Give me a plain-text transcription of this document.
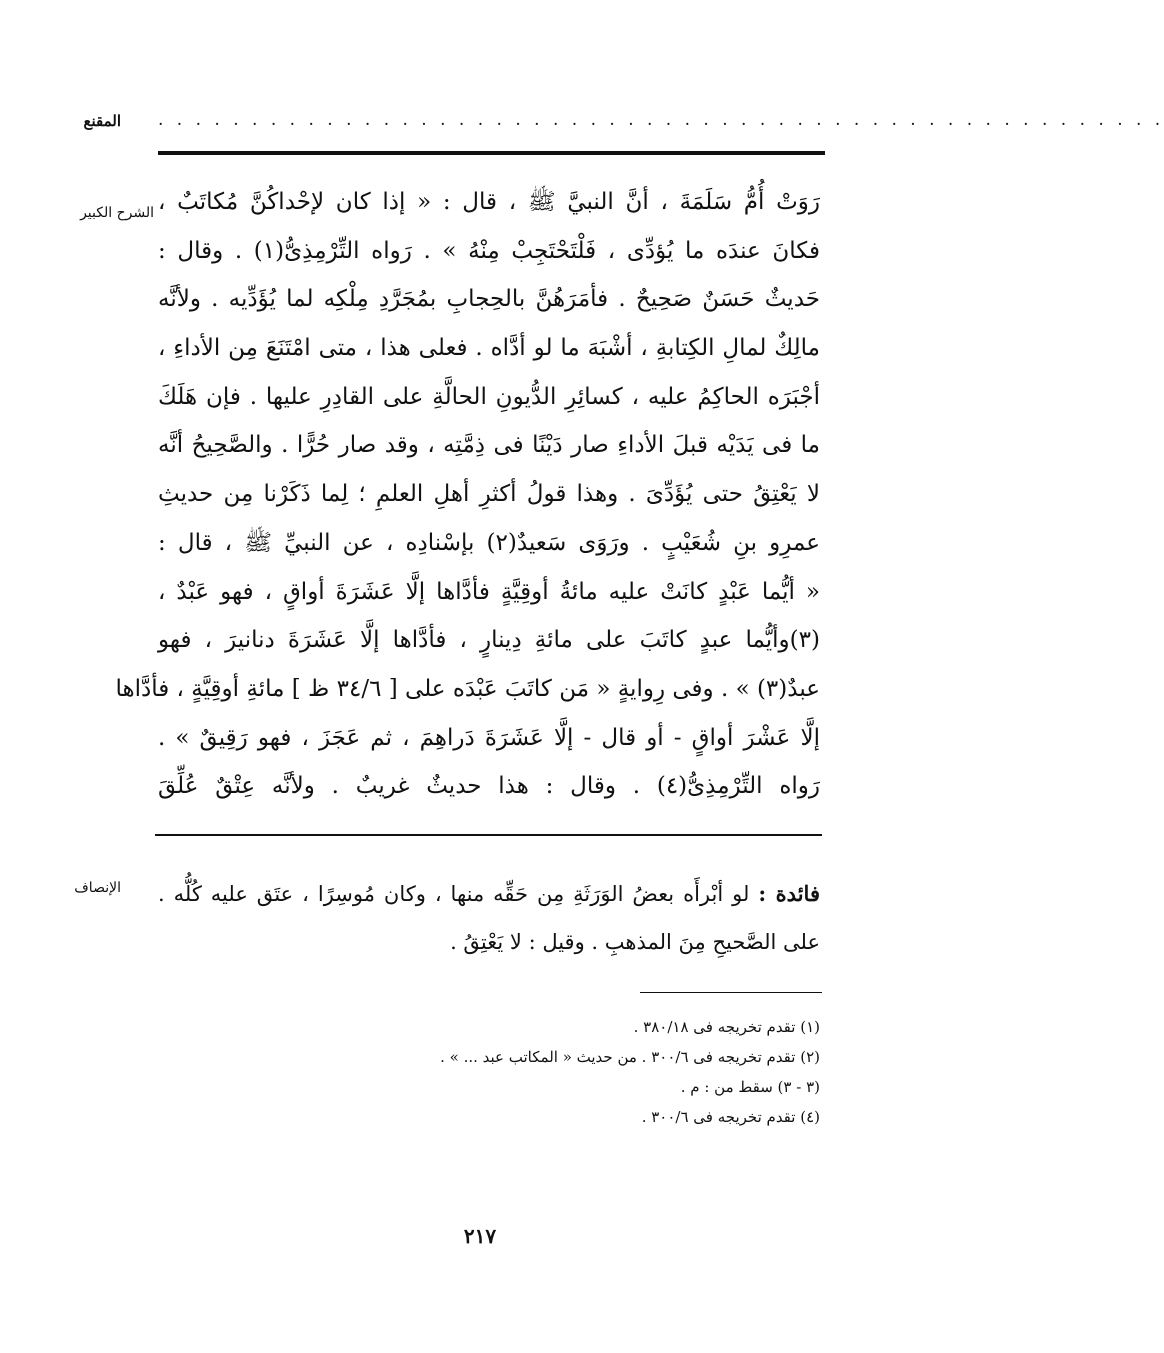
المقنع . . . . . . . . . . . . . . . . . . . . . . . . . . . . . . . . . . . . . . . . . . . . . . . . . . . . . .
الشرح الكبير رَوَتْ أُمُّ سَلَمَةَ ، أنَّ النبيَّ ﷺ ، قال : « إذا كان لإحْداكُنَّ مُكاتَبٌ ،
فكانَ عندَه ما يُؤدِّى ، فَلْتَحْتَجِبْ مِنْهُ » . رَواه التِّرْمِذِىُّ(١) . وقال :
حَديثٌ حَسَنٌ صَحِيحٌ . فأمَرَهُنَّ بالحِجابِ بمُجَرَّدِ مِلْكِه لما يُؤَدِّيه . ولأنَّه
مالِكٌ لمالِ الكِتابةِ ، أشْبَهَ ما لو أدَّاه . فعلى هذا ، متى امْتَنَعَ مِن الأداءِ ،
أجْبَرَه الحاكِمُ عليه ، كسائِرِ الدُّيونِ الحالَّةِ على القادِرِ عليها . فإن هَلَكَ
ما فى يَدَيْه قبلَ الأداءِ صار دَيْنًا فى ذِمَّتِه ، وقد صار حُرًّا . والصَّحِيحُ أنَّه
لا يَعْتِقُ حتى يُؤَدِّىَ . وهذا قولُ أكثرِ أهلِ العلمِ ؛ لِما ذَكَرْنا مِن حديثِ
عمرِو بنِ شُعَيْبٍ . ورَوَى سَعيدٌ(٢) بإسْنادِه ، عن النبيِّ ﷺ ، قال :
« أيُّما عَبْدٍ كانَتْ عليه مائةُ أوقِيَّةٍ فأدَّاها إلَّا عَشَرَةَ أواقٍ ، فهو عَبْدٌ ،
(٣)وأيُّما عبدٍ كاتَبَ على مائةِ دِينارٍ ، فأدَّاها إلَّا عَشَرَةَ دنانيرَ ، فهو
عبدٌ(٣) » . وفى رِوايةٍ « مَن كاتَبَ عَبْدَه على [ ٣٤/٦ ظ ] مائةِ أوقِيَّةٍ ، فأدَّاها
إلَّا عَشْرَ أواقٍ - أو قال - إلَّا عَشَرَةَ دَراهِمَ ، ثم عَجَزَ ، فهو رَقِيقٌ » .
رَواه التِّرْمِذِىُّ(٤) . وقال : هذا حديثٌ غريبٌ . ولأنَّه عِتْقٌ عُلِّقَ
الإنصاف	فائدة : لو أبْرأَه بعضُ الوَرَثَةِ مِن حَقِّه منها ، وكان مُوسِرًا ، عتَق عليه كُلُّه .
على الصَّحيحِ مِنَ المذهبِ . وقيل : لا يَعْتِقُ .
(١) تقدم تخريجه فى ٣٨٠/١٨ .
(٢) تقدم تخريجه فى ٣٠٠/٦ . من حديث « المكاتب عبد ... » .
(٣ - ٣) سقط من : م .
(٤) تقدم تخريجه فى ٣٠٠/٦ .
٢١٧
